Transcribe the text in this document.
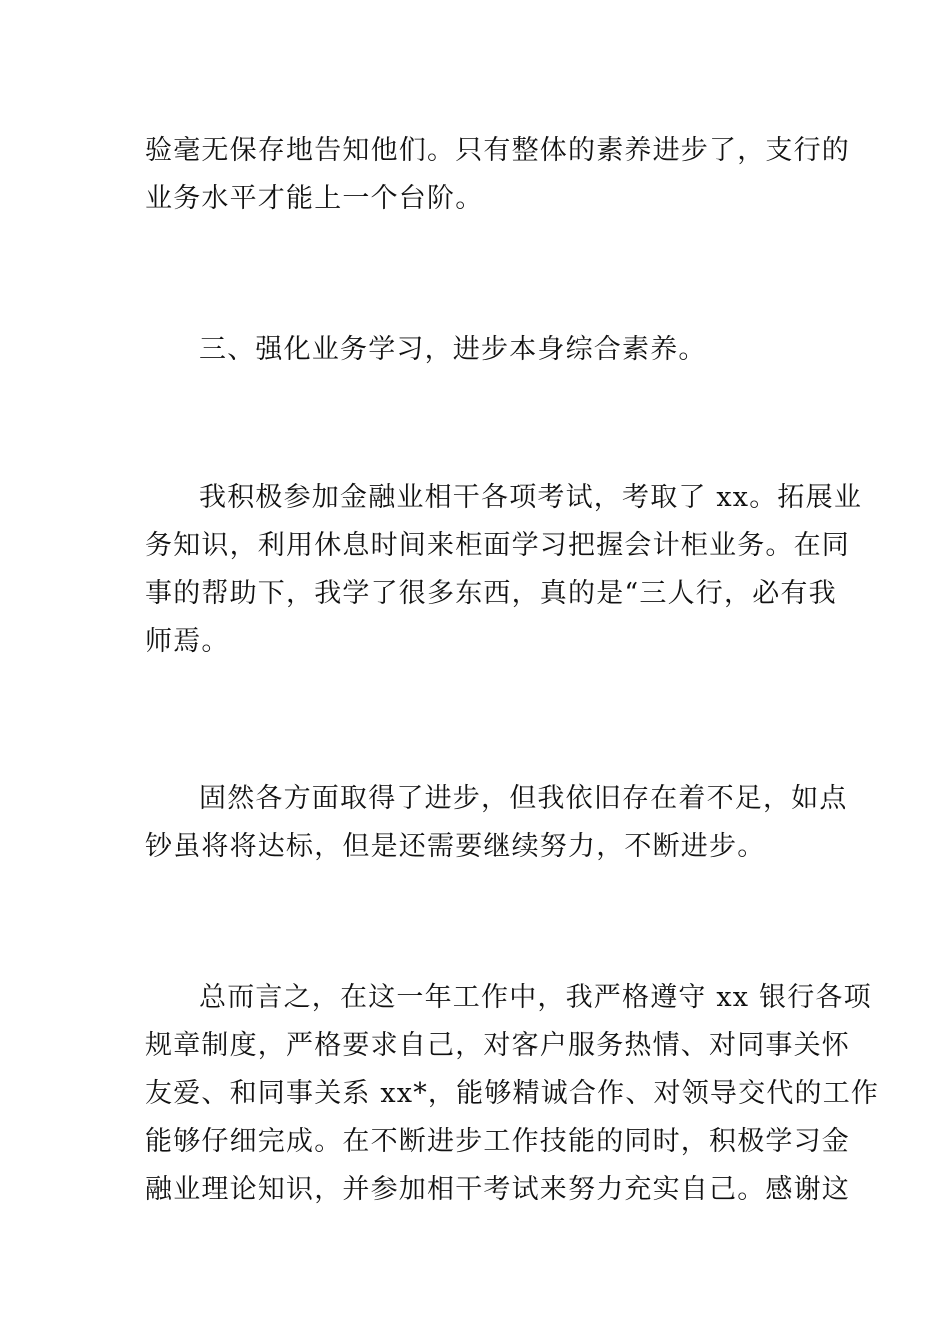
验毫无保存地告知他们。只有整体的素养进步了，支行的
业务水平才能上一个台阶。
三、强化业务学习，进步本身综合素养。
我积极参加金融业相干各项考试，考取了 xx。拓展业
务知识，利用休息时间来柜面学习把握会计柜业务。在同
事的帮助下，我学了很多东西，真的是“三人行，必有我
师焉。
固然各方面取得了进步，但我依旧存在着不足，如点
钞虽将将达标，但是还需要继续努力，不断进步。
总而言之，在这一年工作中，我严格遵守 xx 银行各项
规章制度，严格要求自己，对客户服务热情、对同事关怀
友爱、和同事关系 xx*，能够精诚合作、对领导交代的工作
能够仔细完成。在不断进步工作技能的同时，积极学习金
融业理论知识，并参加相干考试来努力充实自己。感谢这
